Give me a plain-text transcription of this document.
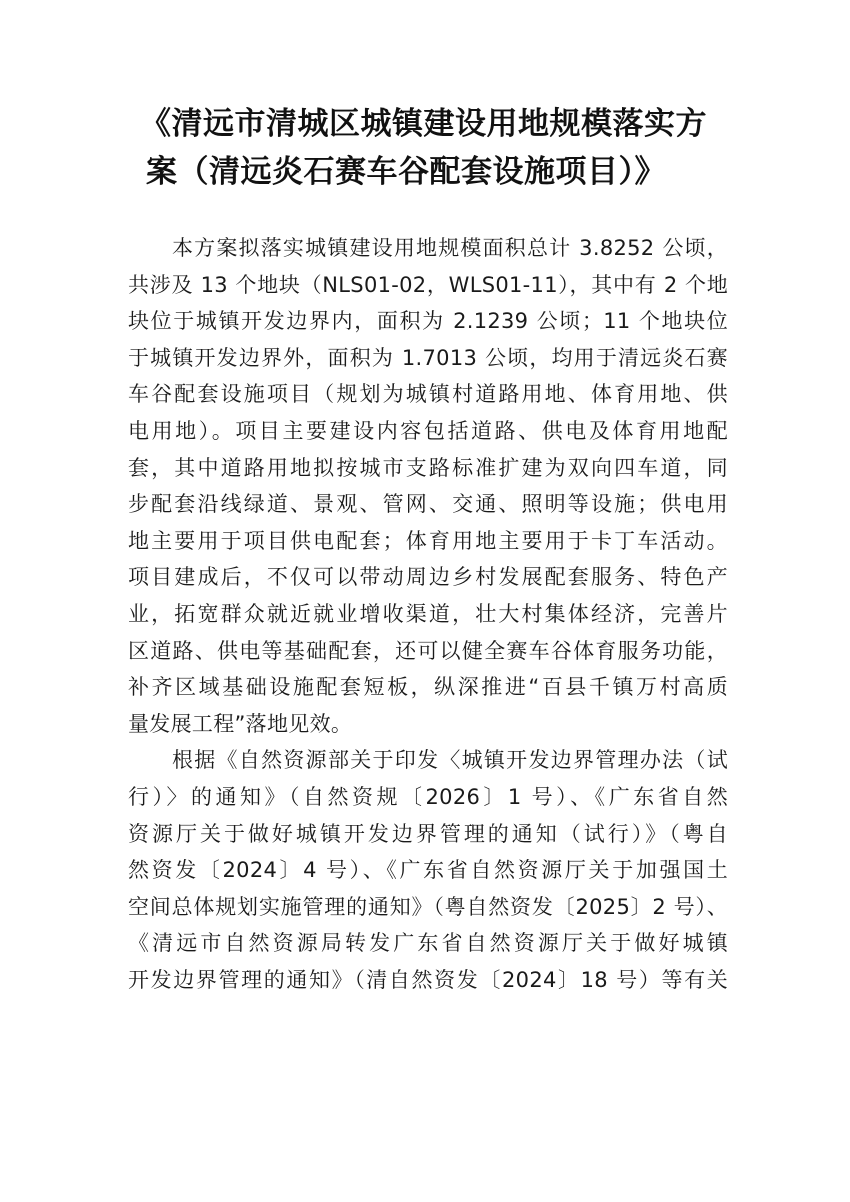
《清远市清城区城镇建设用地规模落实方
案（清远炎石赛车谷配套设施项目）》

本方案拟落实城镇建设用地规模面积总计 3.8252 公顷，
共涉及 13 个地块（NLS01-02，WLS01-11），其中有 2 个地
块位于城镇开发边界内，面积为 2.1239 公顷；11 个地块位
于城镇开发边界外，面积为 1.7013 公顷，均用于清远炎石赛
车谷配套设施项目（规划为城镇村道路用地、体育用地、供
电用地）。项目主要建设内容包括道路、供电及体育用地配
套，其中道路用地拟按城市支路标准扩建为双向四车道，同
步配套沿线绿道、景观、管网、交通、照明等设施；供电用
地主要用于项目供电配套；体育用地主要用于卡丁车活动。
项目建成后，不仅可以带动周边乡村发展配套服务、特色产
业，拓宽群众就近就业增收渠道，壮大村集体经济，完善片
区道路、供电等基础配套，还可以健全赛车谷体育服务功能，
补齐区域基础设施配套短板，纵深推进“百县千镇万村高质
量发展工程”落地见效。

根据《自然资源部关于印发〈城镇开发边界管理办法（试
行）〉的通知》（自然资规〔2026〕1 号）、《广东省自然
资源厅关于做好城镇开发边界管理的通知（试行）》（粤自
然资发〔2024〕4 号）、《广东省自然资源厅关于加强国土
空间总体规划实施管理的通知》（粤自然资发〔2025〕2 号）、
《清远市自然资源局转发广东省自然资源厅关于做好城镇
开发边界管理的通知》（清自然资发〔2024〕18 号）等有关
